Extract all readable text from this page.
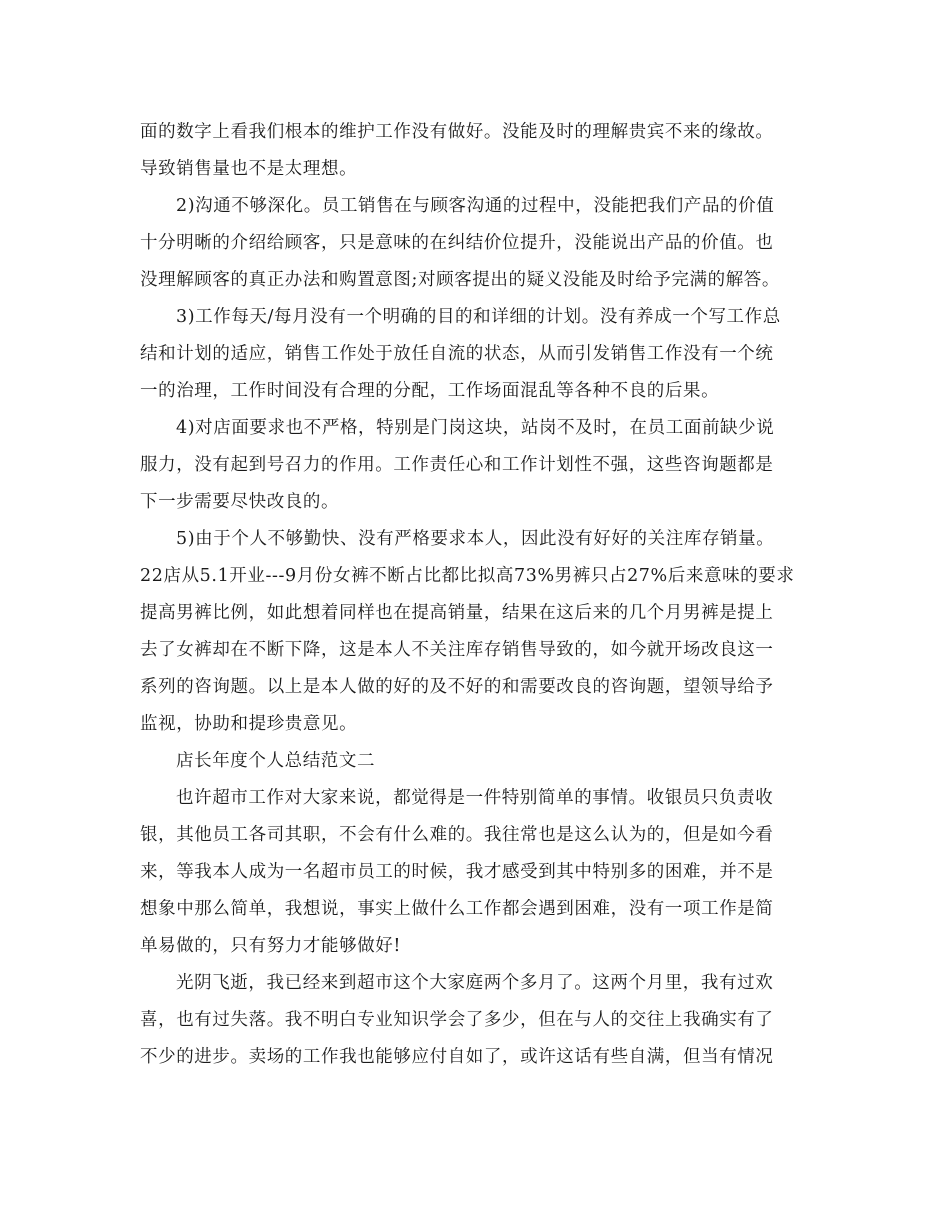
面的数字上看我们根本的维护工作没有做好。没能及时的理解贵宾不来的缘故。
导致销售量也不是太理想。
2)沟通不够深化。员工销售在与顾客沟通的过程中，没能把我们产品的价值
十分明晰的介绍给顾客，只是意味的在纠结价位提升，没能说出产品的价值。也
没理解顾客的真正办法和购置意图;对顾客提出的疑义没能及时给予完满的解答。
3)工作每天/每月没有一个明确的目的和详细的计划。没有养成一个写工作总
结和计划的适应，销售工作处于放任自流的状态，从而引发销售工作没有一个统
一的治理，工作时间没有合理的分配，工作场面混乱等各种不良的后果。
4)对店面要求也不严格，特别是门岗这块，站岗不及时，在员工面前缺少说
服力，没有起到号召力的作用。工作责任心和工作计划性不强，这些咨询题都是
下一步需要尽快改良的。
5)由于个人不够勤快、没有严格要求本人，因此没有好好的关注库存销量。
22店从5.1开业---9月份女裤不断占比都比拟高73%男裤只占27%后来意味的要求
提高男裤比例，如此想着同样也在提高销量，结果在这后来的几个月男裤是提上
去了女裤却在不断下降，这是本人不关注库存销售导致的，如今就开场改良这一
系列的咨询题。以上是本人做的好的及不好的和需要改良的咨询题，望领导给予
监视，协助和提珍贵意见。
店长年度个人总结范文二
也许超市工作对大家来说，都觉得是一件特别简单的事情。收银员只负责收
银，其他员工各司其职，不会有什么难的。我往常也是这么认为的，但是如今看
来，等我本人成为一名超市员工的时候，我才感受到其中特别多的困难，并不是
想象中那么简单，我想说，事实上做什么工作都会遇到困难，没有一项工作是简
单易做的，只有努力才能够做好!
光阴飞逝，我已经来到超市这个大家庭两个多月了。这两个月里，我有过欢
喜，也有过失落。我不明白专业知识学会了多少，但在与人的交往上我确实有了
不少的进步。卖场的工作我也能够应付自如了，或许这话有些自满，但当有情况
